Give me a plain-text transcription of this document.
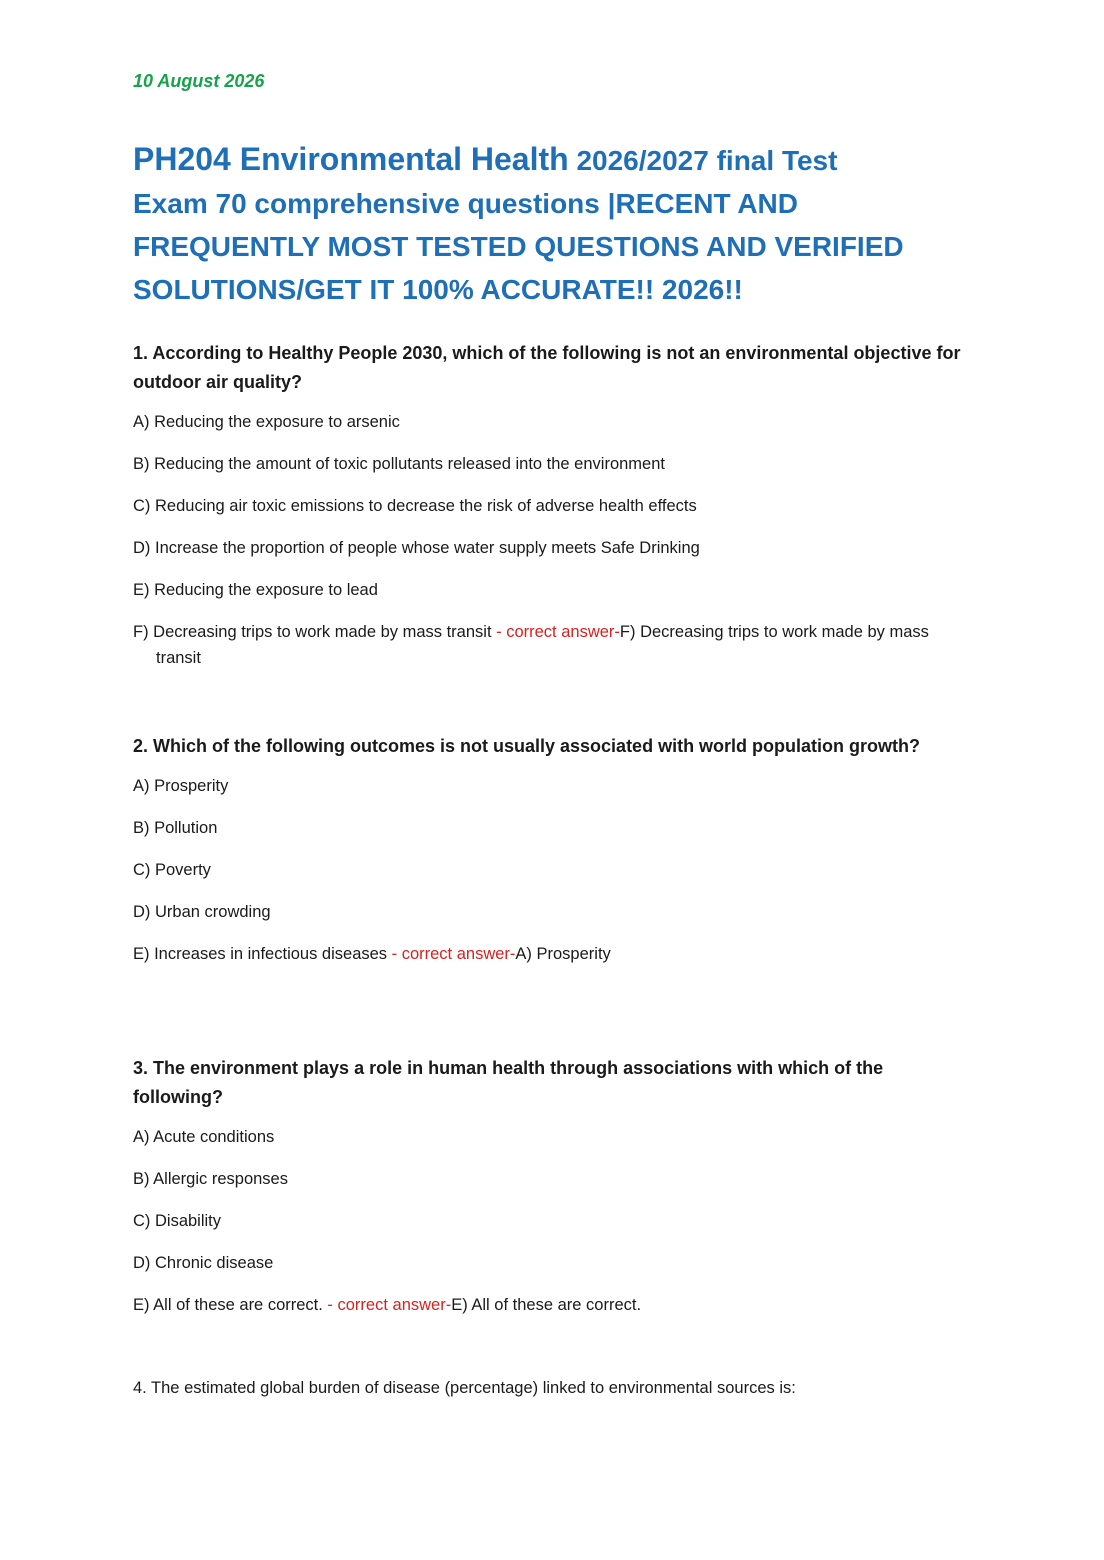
10 August 2026
PH204 Environmental Health 2026/2027 final Test
Exam 70 comprehensive questions |RECENT AND
FREQUENTLY MOST TESTED QUESTIONS AND VERIFIED
SOLUTIONS/GET IT 100% ACCURATE!! 2026!!

1. According to Healthy People 2030, which of the following is not an environmental objective for outdoor air quality?

A) Reducing the exposure to arsenic
B) Reducing the amount of toxic pollutants released into the environment
C) Reducing air toxic emissions to decrease the risk of adverse health effects
D) Increase the proportion of people whose water supply meets Safe Drinking
E) Reducing the exposure to lead
F) Decreasing trips to work made by mass transit - correct answer-F) Decreasing trips to work made by mass transit

2. Which of the following outcomes is not usually associated with world population growth?

A) Prosperity
B) Pollution
C) Poverty
D) Urban crowding
E) Increases in infectious diseases - correct answer-A) Prosperity

3. The environment plays a role in human health through associations with which of the following?

A) Acute conditions
B) Allergic responses
C) Disability
D) Chronic disease
E) All of these are correct. - correct answer-E) All of these are correct.

4. The estimated global burden of disease (percentage) linked to environmental sources is:
